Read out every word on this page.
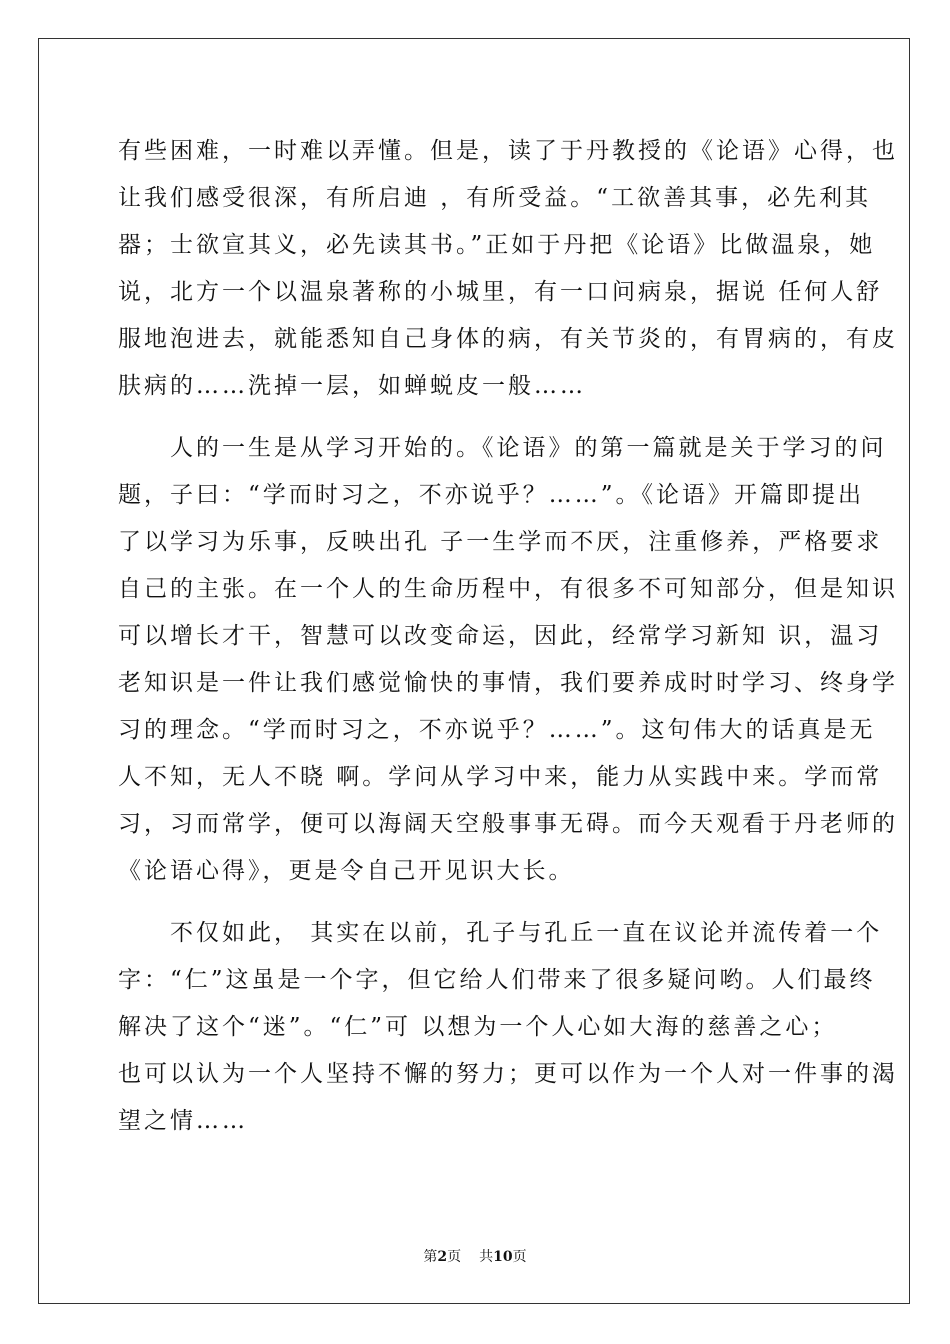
有些困难，一时难以弄懂。但是，读了于丹教授的《论语》心得，也

让我们感受很深，有所启迪 ，有所受益。“工欲善其事，必先利其

器；士欲宣其义，必先读其书。”正如于丹把《论语》比做温泉，她

说，北方一个以温泉著称的小城里，有一口问病泉，据说 任何人舒

服地泡进去，就能悉知自己身体的病，有关节炎的，有胃病的，有皮

肤病的……洗掉一层，如蝉蜕皮一般……

　　人的一生是从学习开始的。《论语》的第一篇就是关于学习的问

题，子曰：“学而时习之，不亦说乎？……”。《论语》开篇即提出

了以学习为乐事，反映出孔 子一生学而不厌，注重修养，严格要求

自己的主张。在一个人的生命历程中，有很多不可知部分，但是知识

可以增长才干，智慧可以改变命运，因此，经常学习新知 识，温习

老知识是一件让我们感觉愉快的事情，我们要养成时时学习、终身学

习的理念。“学而时习之，不亦说乎？……”。这句伟大的话真是无

人不知，无人不晓 啊。学问从学习中来，能力从实践中来。学而常

习，习而常学，便可以海阔天空般事事无碍。而今天观看于丹老师的

《论语心得》，更是令自己开见识大长。

　　不仅如此， 其实在以前，孔子与孔丘一直在议论并流传着一个

字：“仁”这虽是一个字，但它给人们带来了很多疑问哟。人们最终

解决了这个“迷”。“仁”可 以想为一个人心如大海的慈善之心；

也可以认为一个人坚持不懈的努力；更可以作为一个人对一件事的渴

望之情……

第2页 共10页
